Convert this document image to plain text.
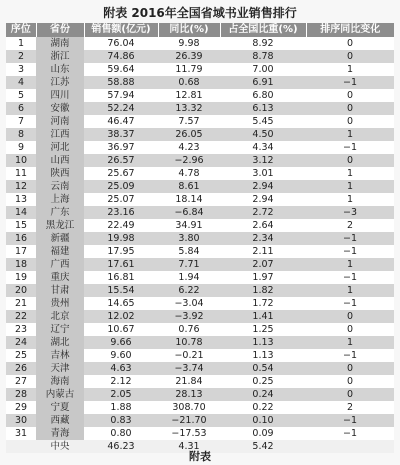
附表 2016年全国省域书业销售排行
序位	省份	销售额(亿元)	同比(%)	占全国比重(%)	排序同比变化
1	湖南	76.04	9.98	8.92	0
2	浙江	74.86	26.39	8.78	0
3	山东	59.64	11.79	7.00	1
4	江苏	58.88	0.68	6.91	−1
5	四川	57.94	12.81	6.80	0
6	安徽	52.24	13.32	6.13	0
7	河南	46.47	7.57	5.45	0
8	江西	38.37	26.05	4.50	1
9	河北	36.97	4.23	4.34	−1
10	山西	26.57	−2.96	3.12	0
11	陕西	25.67	4.78	3.01	1
12	云南	25.09	8.61	2.94	1
13	上海	25.07	18.14	2.94	1
14	广东	23.16	−6.84	2.72	−3
15	黑龙江	22.49	34.91	2.64	2
16	新疆	19.98	3.80	2.34	−1
17	福建	17.95	5.84	2.11	−1
18	广西	17.61	7.71	2.07	1
19	重庆	16.81	1.94	1.97	−1
20	甘肃	15.54	6.22	1.82	1
21	贵州	14.65	−3.04	1.72	−1
22	北京	12.02	−3.92	1.41	0
23	辽宁	10.67	0.76	1.25	0
24	湖北	9.66	10.78	1.13	1
25	吉林	9.60	−0.21	1.13	−1
26	天津	4.63	−3.74	0.54	0
27	海南	2.12	21.84	0.25	0
28	内蒙古	2.05	28.13	0.24	0
29	宁夏	1.88	308.70	0.22	2
30	西藏	0.83	−21.70	0.10	−1
31	青海	0.80	−17.53	0.09	−1
	中央	46.23	4.31	5.42	
附表
